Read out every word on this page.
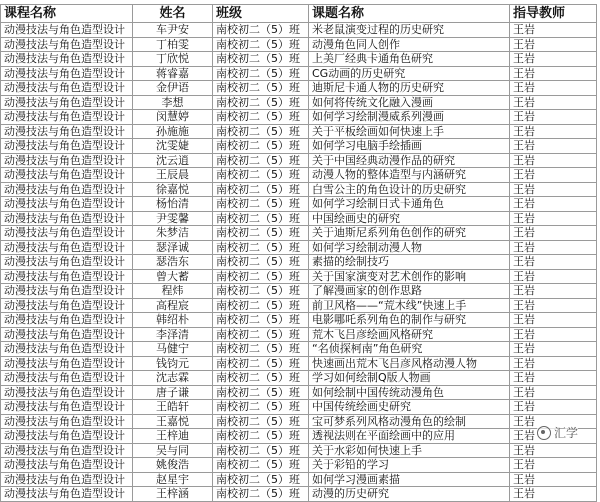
课程名称	姓名	班级	课题名称	指导教师
动漫技法与角色造型设计	车尹安	南校初二（5）班	米老鼠演变过程的历史研究	王岩
动漫技法与角色造型设计	丁柏雯	南校初二（5）班	动漫角色同人创作	王岩
动漫技法与角色造型设计	丁欣悦	南校初二（5）班	上美厂经典卡通角色研究	王岩
动漫技法与角色造型设计	蒋睿嘉	南校初二（5）班	CG动画的历史研究	王岩
动漫技法与角色造型设计	金伊语	南校初二（5）班	迪斯尼卡通人物的历史研究	王岩
动漫技法与角色造型设计	李想	南校初二（5）班	如何将传统文化融入漫画	王岩
动漫技法与角色造型设计	闵慧婷	南校初二（5）班	如何学习绘制漫威系列漫画	王岩
动漫技法与角色造型设计	孙施施	南校初二（5）班	关于平板绘画如何快速上手	王岩
动漫技法与角色造型设计	沈雯婕	南校初二（5）班	如何学习电脑手绘插画	王岩
动漫技法与角色造型设计	沈云逍	南校初二（5）班	关于中国经典动漫作品的研究	王岩
动漫技法与角色造型设计	王辰晨	南校初二（5）班	动漫人物的整体造型与内涵研究	王岩
动漫技法与角色造型设计	徐嘉悦	南校初二（5）班	白雪公主的角色设计的历史研究	王岩
动漫技法与角色造型设计	杨怡清	南校初二（5）班	如何学习绘制日式卡通角色	王岩
动漫技法与角色造型设计	尹雯馨	南校初二（5）班	中国绘画史的研究	王岩
动漫技法与角色造型设计	朱梦洁	南校初二（5）班	关于迪斯尼系列角色创作的研究	王岩
动漫技法与角色造型设计	瑟泽诚	南校初二（5）班	如何学习绘制动漫人物	王岩
动漫技法与角色造型设计	瑟浩东	南校初二（5）班	素描的绘制技巧	王岩
动漫技法与角色造型设计	曾大蓄	南校初二（5）班	关于国家演变对艺术创作的影响	王岩
动漫技法与角色造型设计	程炜	南校初二（5）班	了解漫画家的创作思路	王岩
动漫技法与角色造型设计	高程宸	南校初二（5）班	前卫风格——“荒木线”快速上手	王岩
动漫技法与角色造型设计	韩绍朴	南校初二（5）班	电影哪吒系列角色的制作与研究	王岩
动漫技法与角色造型设计	李泽清	南校初二（5）班	荒木飞吕彦绘画风格研究	王岩
动漫技法与角色造型设计	马健宁	南校初二（5）班	“名侦探柯南”角色研究	王岩
动漫技法与角色造型设计	钱钧元	南校初二（5）班	快速画出荒木飞吕彦风格动漫人物	王岩
动漫技法与角色造型设计	沈志霖	南校初二（5）班	学习如何绘制Q版人物画	王岩
动漫技法与角色造型设计	唐子谦	南校初二（5）班	如何绘制中国传统动漫角色	王岩
动漫技法与角色造型设计	王皓轩	南校初二（5）班	中国传统绘画史研究	王岩
动漫技法与角色造型设计	王嘉悦	南校初二（5）班	宝可梦系列风格动漫角色的绘制	王岩
动漫技法与角色造型设计	王梓迪	南校初二（5）班	透视法则在平面绘画中的应用	王岩
动漫技法与角色造型设计	吴与同	南校初二（5）班	关于水彩如何快速上手	王岩
动漫技法与角色造型设计	姚俊浩	南校初二（5）班	关于彩铅的学习	王岩
动漫技法与角色造型设计	赵星宇	南校初二（5）班	如何学习漫画素描	王岩
动漫技法与角色造型设计	王梓涵	南校初二（5）班	动漫的历史研究	王岩
汇学
